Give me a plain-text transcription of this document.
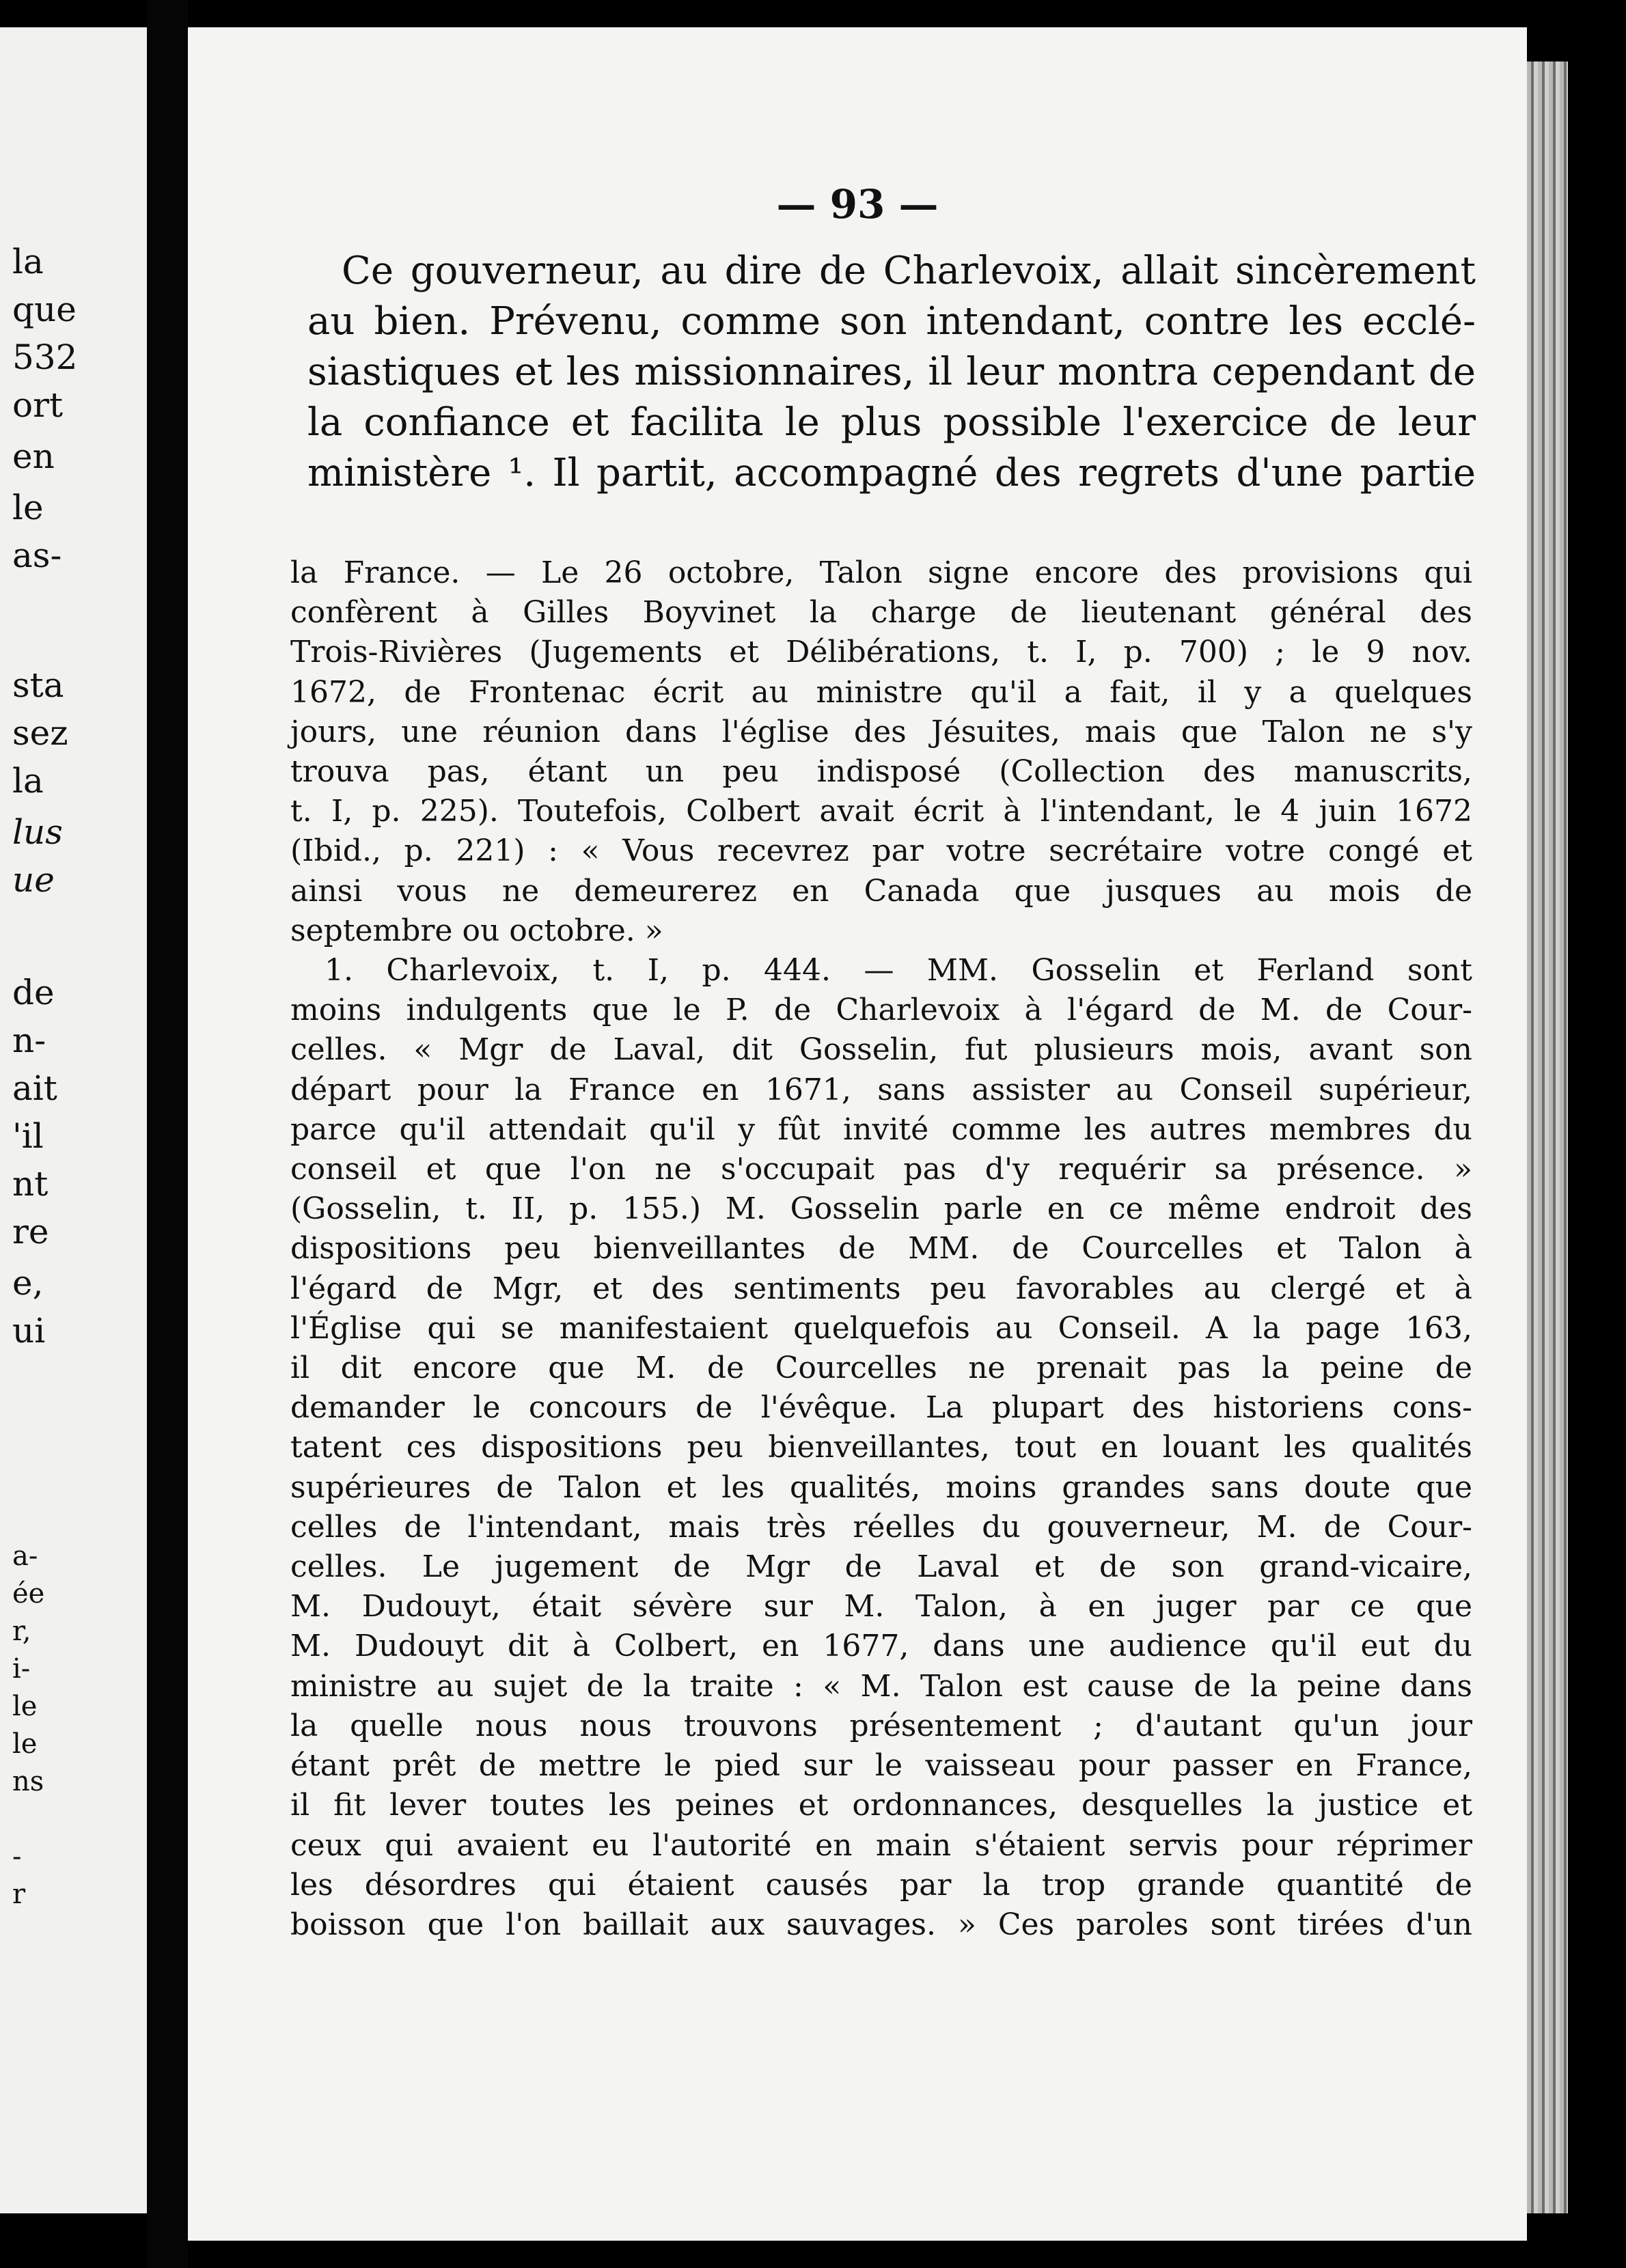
la
que
532
ort
en
le
as-
sta
sez
la
lus
ue
de
n-
ait
'il
nt
re
e,
ui
a-
ée
r,
i-
le
le
ns
-
r
— 93 —
Ce gouverneur, au dire de Charlevoix, allait sincèrement
au bien. Prévenu, comme son intendant, contre les ecclé-
siastiques et les missionnaires, il leur montra cependant de
la confiance et facilita le plus possible l'exercice de leur
ministère ¹. Il partit, accompagné des regrets d'une partie
la France. — Le 26 octobre, Talon signe encore des provisions qui
confèrent à Gilles Boyvinet la charge de lieutenant général des
Trois-Rivières (Jugements et Délibérations, t. I, p. 700) ; le 9 nov.
1672, de Frontenac écrit au ministre qu'il a fait, il y a quelques
jours, une réunion dans l'église des Jésuites, mais que Talon ne s'y
trouva pas, étant un peu indisposé (Collection des manuscrits,
t. I, p. 225). Toutefois, Colbert avait écrit à l'intendant, le 4 juin 1672
(Ibid., p. 221) : « Vous recevrez par votre secrétaire votre congé et
ainsi vous ne demeurerez en Canada que jusques au mois de
septembre ou octobre. »
1. Charlevoix, t. I, p. 444. — MM. Gosselin et Ferland sont
moins indulgents que le P. de Charlevoix à l'égard de M. de Cour-
celles. « Mgr de Laval, dit Gosselin, fut plusieurs mois, avant son
départ pour la France en 1671, sans assister au Conseil supérieur,
parce qu'il attendait qu'il y fût invité comme les autres membres du
conseil et que l'on ne s'occupait pas d'y requérir sa présence. »
(Gosselin, t. II, p. 155.) M. Gosselin parle en ce même endroit des
dispositions peu bienveillantes de MM. de Courcelles et Talon à
l'égard de Mgr, et des sentiments peu favorables au clergé et à
l'Église qui se manifestaient quelquefois au Conseil. A la page 163,
il dit encore que M. de Courcelles ne prenait pas la peine de
demander le concours de l'évêque. La plupart des historiens cons-
tatent ces dispositions peu bienveillantes, tout en louant les qualités
supérieures de Talon et les qualités, moins grandes sans doute que
celles de l'intendant, mais très réelles du gouverneur, M. de Cour-
celles. Le jugement de Mgr de Laval et de son grand-vicaire,
M. Dudouyt, était sévère sur M. Talon, à en juger par ce que
M. Dudouyt dit à Colbert, en 1677, dans une audience qu'il eut du
ministre au sujet de la traite : « M. Talon est cause de la peine dans
la quelle nous nous trouvons présentement ; d'autant qu'un jour
étant prêt de mettre le pied sur le vaisseau pour passer en France,
il fit lever toutes les peines et ordonnances, desquelles la justice et
ceux qui avaient eu l'autorité en main s'étaient servis pour réprimer
les désordres qui étaient causés par la trop grande quantité de
boisson que l'on baillait aux sauvages. » Ces paroles sont tirées d'un
